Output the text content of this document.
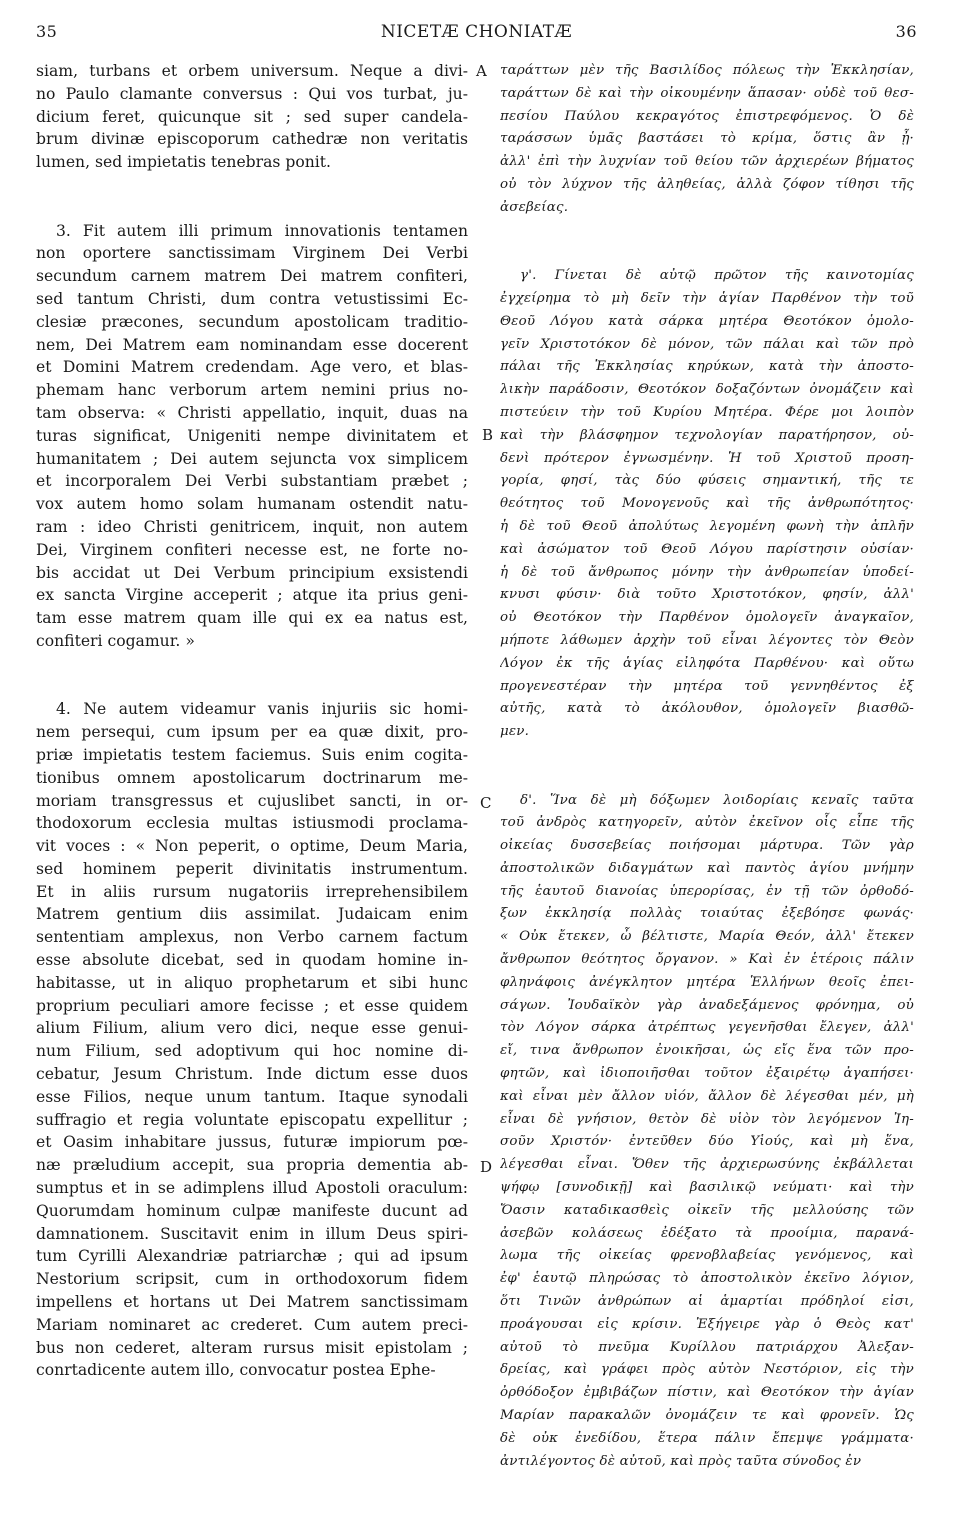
35	NICETÆ CHONIATÆ	36
A
B
C
D
siam, turbans et orbem universum. Neque a divi-
no Paulo clamante conversus : Qui vos turbat, ju-
dicium feret, quicunque sit ; sed super candela-
brum divinæ episcoporum cathedræ non veritatis
lumen, sed impietatis tenebras ponit.
3. Fit autem illi primum innovationis tentamen
non oportere sanctissimam Virginem Dei Verbi
secundum carnem matrem Dei matrem confiteri,
sed tantum Christi, dum contra vetustissimi Ec-
clesiæ præcones, secundum apostolicam traditio-
nem, Dei Matrem eam nominandam esse docerent
et Domini Matrem credendam. Age vero, et blas-
phemam hanc verborum artem nemini prius no-
tam observa: « Christi appellatio, inquit, duas na
turas significat, Unigeniti nempe divinitatem et
humanitatem ; Dei autem sejuncta vox simplicem
et incorporalem Dei Verbi substantiam præbet ;
vox autem homo solam humanam ostendit natu-
ram : ideo Christi genitricem, inquit, non autem
Dei, Virginem confiteri necesse est, ne forte no-
bis accidat ut Dei Verbum principium exsistendi
ex sancta Virgine acceperit ; atque ita prius geni-
tam esse matrem quam ille qui ex ea natus est,
confiteri cogamur. »
4. Ne autem videamur vanis injuriis sic homi-
nem persequi, cum ipsum per ea quæ dixit, pro-
priæ impietatis testem faciemus. Suis enim cogita-
tionibus omnem apostolicarum doctrinarum me-
moriam transgressus et cujuslibet sancti, in or-
thodoxorum ecclesia multas istiusmodi proclama-
vit voces : « Non peperit, o optime, Deum Maria,
sed hominem peperit divinitatis instrumentum.
Et in aliis rursum nugatoriis irreprehensibilem
Matrem gentium diis assimilat. Judaicam enim
sententiam amplexus, non Verbo carnem factum
esse absolute dicebat, sed in quodam homine in-
habitasse, ut in aliquo prophetarum et sibi hunc
proprium peculiari amore fecisse ; et esse quidem
alium Filium, alium vero dici, neque esse genui-
num Filium, sed adoptivum qui hoc nomine di-
cebatur, Jesum Christum. Inde dictum esse duos
esse Filios, neque unum tantum. Itaque synodali
suffragio et regia voluntate episcopatu expellitur ;
et Oasim inhabitare jussus, futuræ impiorum pœ-
næ præludium accepit, sua propria dementia ab-
sumptus et in se adimplens illud Apostoli oraculum:
Quorumdam hominum culpæ manifeste ducunt ad
damnationem. Suscitavit enim in illum Deus spiri-
tum Cyrilli Alexandriæ patriarchæ ; qui ad ipsum
Nestorium scripsit, cum in orthodoxorum fidem
impellens et hortans ut Dei Matrem sanctissimam
Mariam nominaret ac crederet. Cum autem preci-
bus non cederet, alteram rursus misit epistolam ;
conrtadicente autem illo, convocatur postea Ephe-
ταράττων μὲν τῆς Βασιλίδος πόλεως τὴν Ἐκκλησίαν,
ταράττων δὲ καὶ τὴν οἰκουμένην ἅπασαν· οὐδὲ τοῦ θεσ-
πεσίου Παύλου κεκραγότος ἐπιστρεφόμενος. Ὁ δὲ
ταράσσων ὑμᾶς βαστάσει τὸ κρίμα, ὅστις ἂν ᾖ·
ἀλλ' ἐπὶ τὴν λυχνίαν τοῦ θείου τῶν ἀρχιερέων βήματος
οὐ τὸν λύχνον τῆς ἀληθείας, ἀλλὰ ζόφον τίθησι τῆς
ἀσεβείας.
γ'. Γίνεται δὲ αὐτῷ πρῶτον τῆς καινοτομίας
ἐγχείρημα τὸ μὴ δεῖν τὴν ἁγίαν Παρθένον τὴν τοῦ
Θεοῦ Λόγου κατὰ σάρκα μητέρα Θεοτόκον ὁμολο-
γεῖν Χριστοτόκον δὲ μόνον, τῶν πάλαι καὶ τῶν πρὸ
πάλαι τῆς Ἐκκλησίας κηρύκων, κατὰ τὴν ἀποστο-
λικὴν παράδοσιν, Θεοτόκον δοξαζόντων ὀνομάζειν καὶ
πιστεύειν τὴν τοῦ Κυρίου Μητέρα. Φέρε μοι λοιπὸν
καὶ τὴν βλάσφημον τεχνολογίαν παρατήρησον, οὐ-
δενὶ πρότερον ἐγνωσμένην. Ἡ τοῦ Χριστοῦ προση-
γορία, φησί, τὰς δύο φύσεις σημαντική, τῆς τε
θεότητος τοῦ Μονογενοῦς καὶ τῆς ἀνθρωπότητος·
ἡ δὲ τοῦ Θεοῦ ἀπολύτως λεγομένη φωνὴ τὴν ἁπλῆν
καὶ ἀσώματον τοῦ Θεοῦ Λόγου παρίστησιν οὐσίαν·
ἡ δὲ τοῦ ἄνθρωπος μόνην τὴν ἀνθρωπείαν ὑποδεί-
κνυσι φύσιν· διὰ τοῦτο Χριστοτόκον, φησίν, ἀλλ'
οὐ Θεοτόκον τὴν Παρθένον ὁμολογεῖν ἀναγκαῖον,
μήποτε λάθωμεν ἀρχὴν τοῦ εἶναι λέγοντες τὸν Θεὸν
Λόγον ἐκ τῆς ἁγίας εἰληφότα Παρθένου· καὶ οὕτω
προγενεστέραν τὴν μητέρα τοῦ γεννηθέντος ἐξ
αὐτῆς, κατὰ τὸ ἀκόλουθον, ὁμολογεῖν βιασθῶ-
μεν.
δ'. Ἵνα δὲ μὴ δόξωμεν λοιδορίαις κεναῖς ταῦτα
τοῦ ἀνδρὸς κατηγορεῖν, αὐτὸν ἐκεῖνον οἷς εἶπε τῆς
οἰκείας δυσσεβείας ποιήσομαι μάρτυρα. Τῶν γὰρ
ἀποστολικῶν διδαγμάτων καὶ παντὸς ἁγίου μνήμην
τῆς ἑαυτοῦ διανοίας ὑπερορίσας, ἐν τῇ τῶν ὀρθοδό-
ξων ἐκκλησίᾳ πολλὰς τοιαύτας ἐξεβόησε φωνάς·
« Οὐκ ἔτεκεν, ὦ βέλτιστε, Μαρία Θεόν, ἀλλ' ἔτεκεν
ἄνθρωπον θεότητος ὄργανον. » Καὶ ἐν ἑτέροις πάλιν
φληνάφοις ἀνέγκλητον μητέρα Ἑλλήνων θεοῖς ἐπει-
σάγων. Ἰουδαϊκὸν γὰρ ἀναδεξάμενος φρόνημα, οὐ
τὸν Λόγον σάρκα ἀτρέπτως γεγενῆσθαι ἔλεγεν, ἀλλ'
εἴ, τινα ἄνθρωπον ἐνοικῆσαι, ὡς εἴς ἕνα τῶν προ-
φητῶν, καὶ ἰδιοποιῆσθαι τοῦτον ἐξαιρέτῳ ἀγαπήσει·
καὶ εἶναι μὲν ἄλλον υἱόν, ἄλλον δὲ λέγεσθαι μέν, μὴ
εἶναι δὲ γνήσιον, θετὸν δὲ υἱὸν τὸν λεγόμενον Ἰη-
σοῦν Χριστόν· ἐντεῦθεν δύο Υἱούς, καὶ μὴ ἕνα,
λέγεσθαι εἶναι. Ὅθεν τῆς ἀρχιερωσύνης ἐκβάλλεται
ψήφῳ [συνοδικῇ] καὶ βασιλικῷ νεύματι· καὶ τὴν
Ὄασιν καταδικασθεὶς οἰκεῖν τῆς μελλούσης τῶν
ἀσεβῶν κολάσεως ἐδέξατο τὰ προοίμια, παρανά-
λωμα τῆς οἰκείας φρενοβλαβείας γενόμενος, καὶ
ἐφ' ἑαυτῷ πληρώσας τὸ ἀποστολικὸν ἐκεῖνο λόγιον,
ὅτι Τινῶν ἀνθρώπων αἱ ἁμαρτίαι πρόδηλοί εἰσι,
προάγουσαι εἰς κρίσιν. Ἐξήγειρε γὰρ ὁ Θεὸς κατ'
αὐτοῦ τὸ πνεῦμα Κυρίλλου πατριάρχου Ἀλεξαν-
δρείας, καὶ γράφει πρὸς αὐτὸν Νεστόριον, εἰς τὴν
ὀρθόδοξον ἐμβιβάζων πίστιν, καὶ Θεοτόκον τὴν ἁγίαν
Μαρίαν παρακαλῶν ὀνομάζειν τε καὶ φρονεῖν. Ὡς
δὲ οὐκ ἐνεδίδου, ἕτερα πάλιν ἔπεμψε γράμματα·
ἀντιλέγοντος δὲ αὐτοῦ, καὶ πρὸς ταῦτα σύνοδος ἐν
